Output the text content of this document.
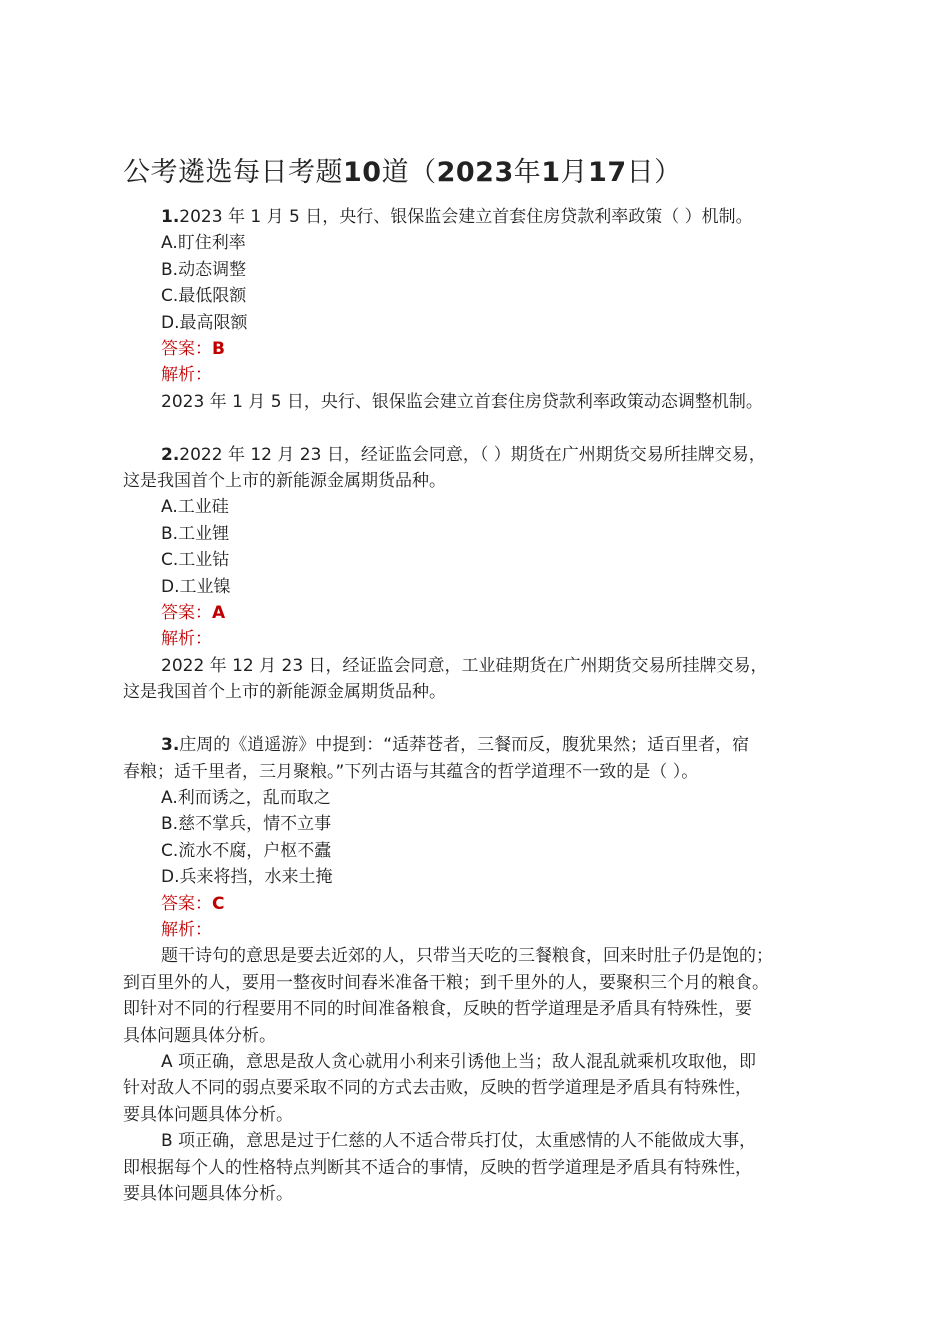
公考遴选每日考题10道（2023年1月17日）
1.2023 年 1 月 5 日，央行、银保监会建立首套住房贷款利率政策（ ）机制。
A.盯住利率
B.动态调整
C.最低限额
D.最高限额
答案：B
解析：
2023 年 1 月 5 日，央行、银保监会建立首套住房贷款利率政策动态调整机制。
2.2022 年 12 月 23 日，经证监会同意，（ ）期货在广州期货交易所挂牌交易，
这是我国首个上市的新能源金属期货品种。
A.工业硅
B.工业锂
C.工业钴
D.工业镍
答案：A
解析：
2022 年 12 月 23 日，经证监会同意，工业硅期货在广州期货交易所挂牌交易，
这是我国首个上市的新能源金属期货品种。
3.庄周的《逍遥游》中提到：“适莽苍者，三餐而反，腹犹果然；适百里者，宿
春粮；适千里者，三月聚粮。”下列古语与其蕴含的哲学道理不一致的是（ ）。
A.利而诱之，乱而取之
B.慈不掌兵，情不立事
C.流水不腐，户枢不蠹
D.兵来将挡，水来土掩
答案：C
解析：
题干诗句的意思是要去近郊的人，只带当天吃的三餐粮食，回来时肚子仍是饱的；
到百里外的人，要用一整夜时间舂米准备干粮；到千里外的人，要聚积三个月的粮食。
即针对不同的行程要用不同的时间准备粮食，反映的哲学道理是矛盾具有特殊性，要
具体问题具体分析。
A 项正确，意思是敌人贪心就用小利来引诱他上当；敌人混乱就乘机攻取他，即
针对敌人不同的弱点要采取不同的方式去击败，反映的哲学道理是矛盾具有特殊性，
要具体问题具体分析。
B 项正确，意思是过于仁慈的人不适合带兵打仗，太重感情的人不能做成大事，
即根据每个人的性格特点判断其不适合的事情，反映的哲学道理是矛盾具有特殊性，
要具体问题具体分析。
